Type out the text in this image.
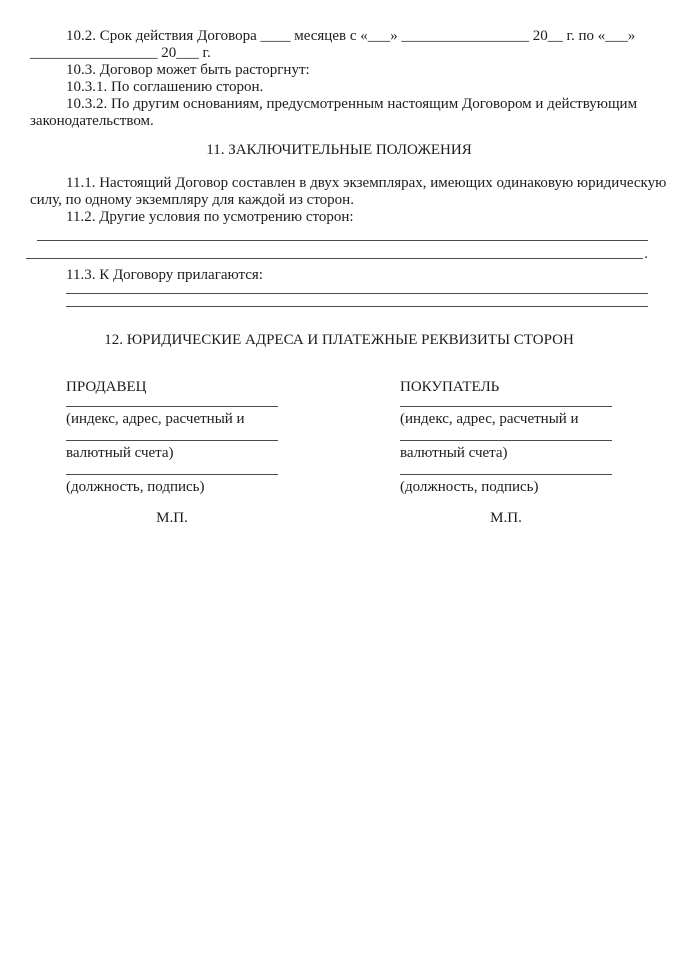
10.2. Срок действия Договора ____ месяцев с «___» _________________ 20__ г. по «___»
_________________ 20___ г.
10.3. Договор может быть расторгнут:
10.3.1. По соглашению сторон.
10.3.2. По другим основаниям, предусмотренным настоящим Договором и действующим
законодательством.
11. ЗАКЛЮЧИТЕЛЬНЫЕ ПОЛОЖЕНИЯ
11.1. Настоящий Договор составлен в двух экземплярах, имеющих одинаковую юридическую
силу, по одному экземпляру для каждой из сторон.
11.2. Другие условия по усмотрению сторон:
.
11.3. К Договору прилагаются:
12. ЮРИДИЧЕСКИЕ АДРЕСА И ПЛАТЕЖНЫЕ РЕКВИЗИТЫ СТОРОН
ПРОДАВЕЦ
(индекс, адрес, расчетный и
валютный счета)
(должность, подпись)
М.П.
ПОКУПАТЕЛЬ
(индекс, адрес, расчетный и
валютный счета)
(должность, подпись)
М.П.
